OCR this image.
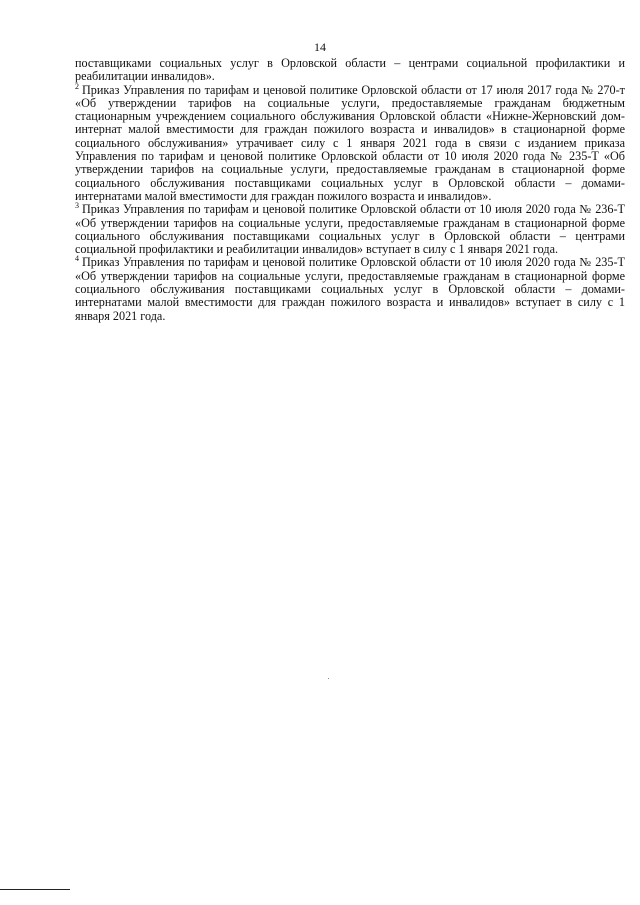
14

поставщиками социальных услуг в Орловской области – центрами социальной профилактики и реабилитации инвалидов».

$^2$ Приказ Управления по тарифам и ценовой политике Орловской области от 17 июля 2017 года № 270-т «Об утверждении тарифов на социальные услуги, предоставляемые гражданам бюджетным стационарным учреждением социального обслуживания Орловской области «Нижне-Жерновский дом-интернат малой вместимости для граждан пожилого возраста и инвалидов» в стационарной форме социального обслуживания» утрачивает силу с 1 января 2021 года в связи с изданием приказа Управления по тарифам и ценовой политике Орловской области от 10 июля 2020 года № 235-Т «Об утверждении тарифов на социальные услуги, предоставляемые гражданам в стационарной форме социального обслуживания поставщиками социальных услуг в Орловской области – домами-интернатами малой вместимости для граждан пожилого возраста и инвалидов».

$^3$ Приказ Управления по тарифам и ценовой политике Орловской области от 10 июля 2020 года № 236-Т «Об утверждении тарифов на социальные услуги, предоставляемые гражданам в стационарной форме социального обслуживания поставщиками социальных услуг в Орловской области – центрами социальной профилактики и реабилитации инвалидов» вступает в силу с 1 января 2021 года.

$^4$ Приказ Управления по тарифам и ценовой политике Орловской области от 10 июля 2020 года № 235-Т «Об утверждении тарифов на социальные услуги, предоставляемые гражданам в стационарной форме социального обслуживания поставщиками социальных услуг в Орловской области – домами-интернатами малой вместимости для граждан пожилого возраста и инвалидов» вступает в силу с 1 января 2021 года.
